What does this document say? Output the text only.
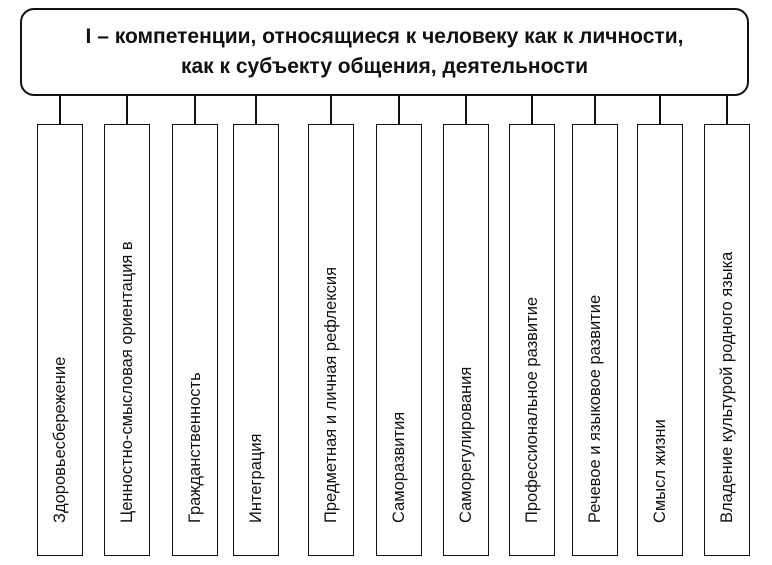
I – компетенции, относящиеся к человеку как к личности,
как к субъекту общения, деятельности
Здоровьесбережение	Ценностно-смысловая ориентация в	Гражданственность	Интеграция	Предметная и личная рефлексия	Саморазвития	Саморегулирования	Профессиональное развитие	Речевое и языковое развитие	Смысл жизни	Владение культурой родного языка
